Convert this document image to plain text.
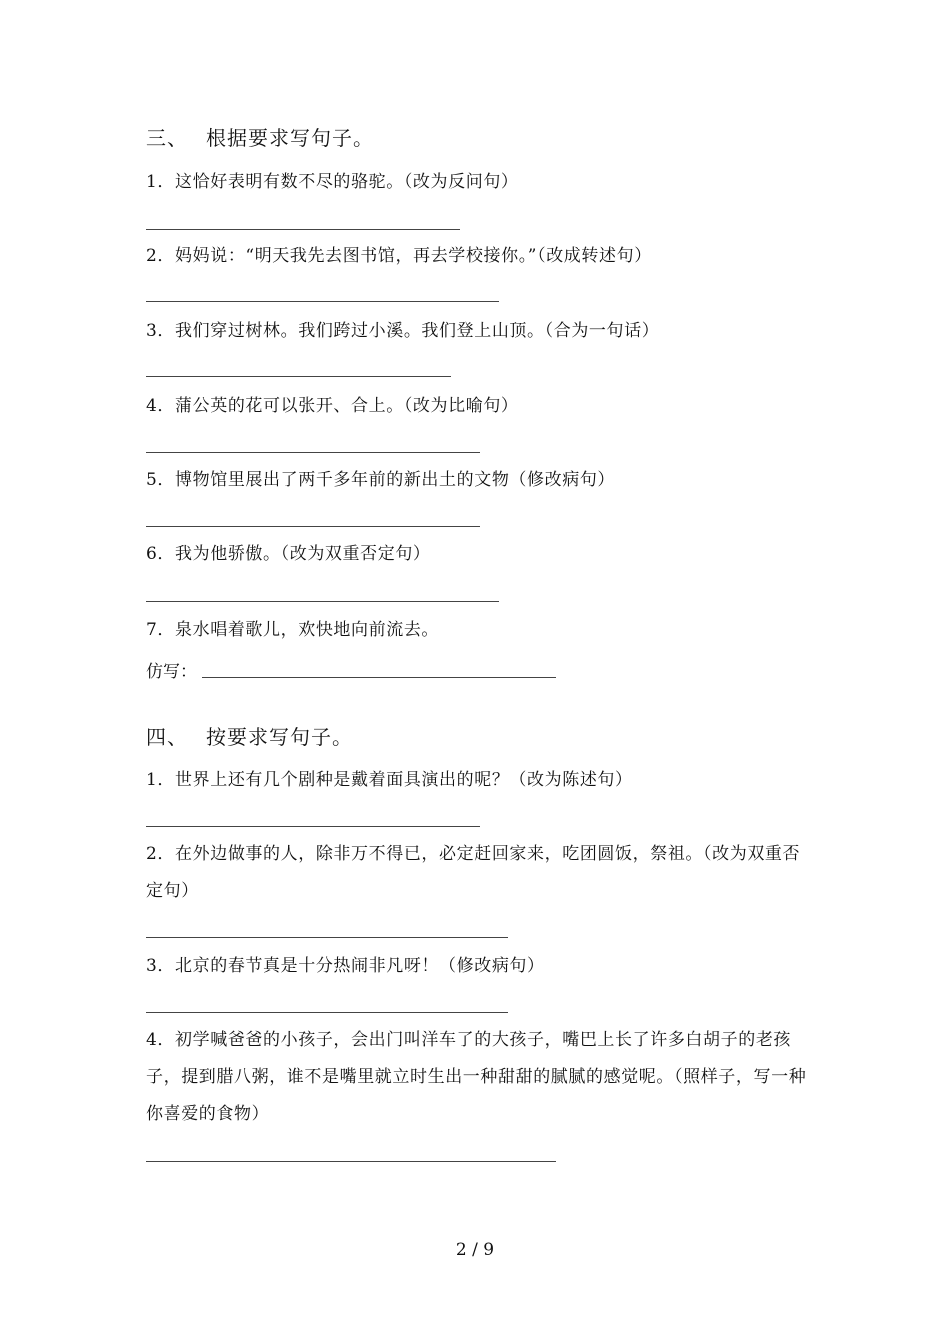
三、 根据要求写句子。
1．这恰好表明有数不尽的骆驼。（改为反问句）
2．妈妈说：“明天我先去图书馆，再去学校接你。”（改成转述句）
3．我们穿过树林。我们跨过小溪。我们登上山顶。（合为一句话）
4．蒲公英的花可以张开、合上。（改为比喻句）
5．博物馆里展出了两千多年前的新出土的文物（修改病句）
6．我为他骄傲。（改为双重否定句）
7．泉水唱着歌儿，欢快地向前流去。
仿写：
四、 按要求写句子。
1．世界上还有几个剧种是戴着面具演出的呢？（改为陈述句）
2．在外边做事的人，除非万不得已，必定赶回家来，吃团圆饭，祭祖。（改为双重否定句）
3．北京的春节真是十分热闹非凡呀！（修改病句）
4．初学喊爸爸的小孩子，会出门叫洋车了的大孩子，嘴巴上长了许多白胡子的老孩子，提到腊八粥，谁不是嘴里就立时生出一种甜甜的腻腻的感觉呢。（照样子，写一种你喜爱的食物）
2 / 9
